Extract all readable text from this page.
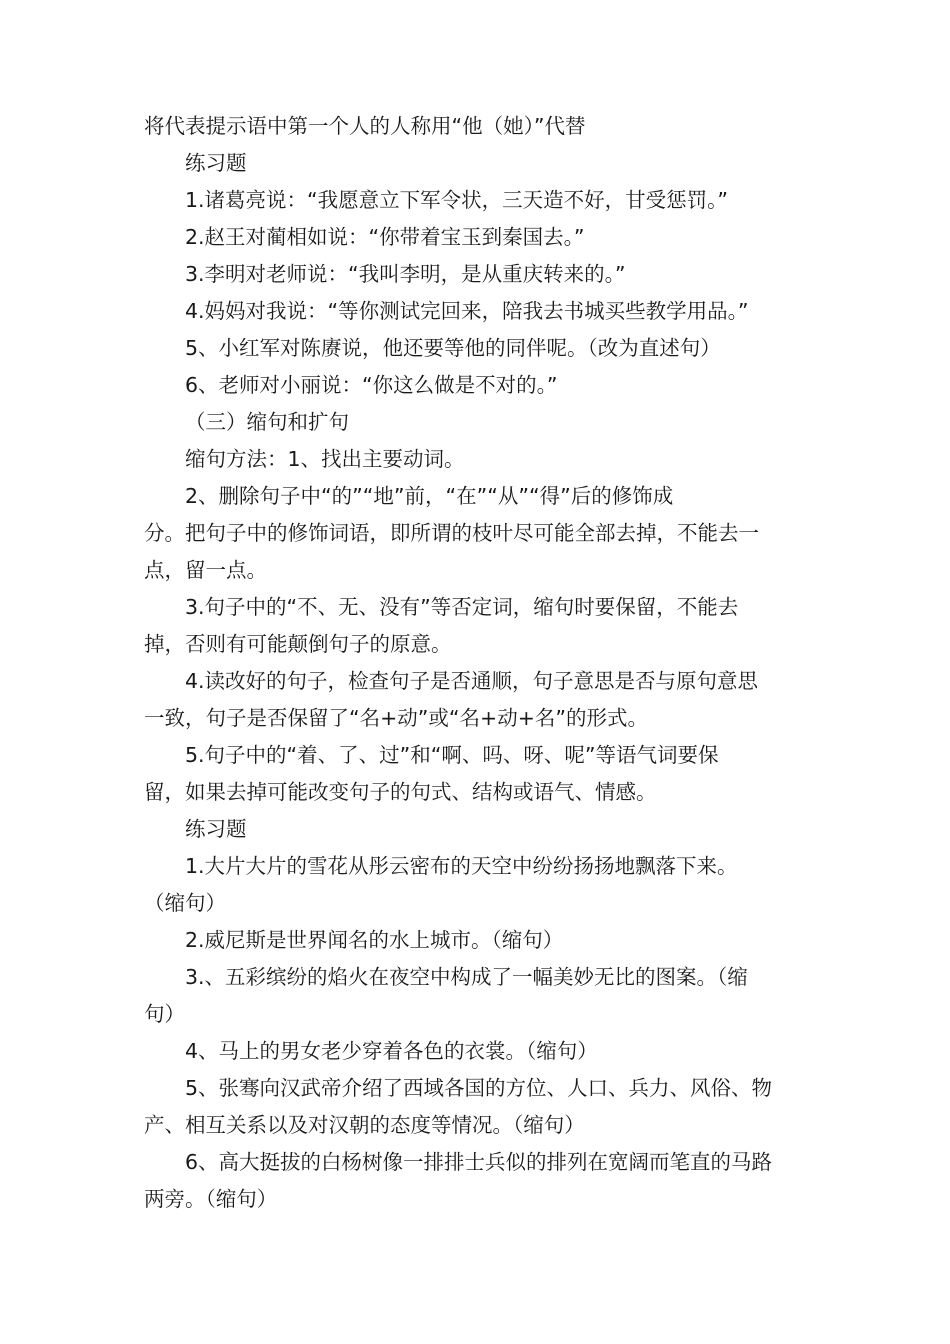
将代表提示语中第一个人的人称用“他（她）”代替
练习题
1.诸葛亮说：“我愿意立下军令状，三天造不好，甘受惩罚。”
2.赵王对蔺相如说：“你带着宝玉到秦国去。”
3.李明对老师说：“我叫李明，是从重庆转来的。”
4.妈妈对我说：“等你测试完回来，陪我去书城买些教学用品。”
5、小红军对陈赓说，他还要等他的同伴呢。（改为直述句）
6、老师对小丽说：“你这么做是不对的。”
（三）缩句和扩句
缩句方法：1、找出主要动词。
2、删除句子中“的”“地”前，“在”“从”“得”后的修饰成
分。把句子中的修饰词语，即所谓的枝叶尽可能全部去掉，不能去一
点，留一点。
3.句子中的“不、无、没有”等否定词，缩句时要保留，不能去
掉，否则有可能颠倒句子的原意。
4.读改好的句子，检查句子是否通顺，句子意思是否与原句意思
一致，句子是否保留了“名+动”或“名+动+名”的形式。
5.句子中的“着、了、过”和“啊、吗、呀、呢”等语气词要保
留，如果去掉可能改变句子的句式、结构或语气、情感。
练习题
1.大片大片的雪花从彤云密布的天空中纷纷扬扬地飘落下来。
（缩句）
2.威尼斯是世界闻名的水上城市。（缩句）
3.、五彩缤纷的焰火在夜空中构成了一幅美妙无比的图案。（缩
句）
4、马上的男女老少穿着各色的衣裳。（缩句）
5、张骞向汉武帝介绍了西域各国的方位、人口、兵力、风俗、物
产、相互关系以及对汉朝的态度等情况。（缩句）
6、高大挺拔的白杨树像一排排士兵似的排列在宽阔而笔直的马路
两旁。（缩句）
